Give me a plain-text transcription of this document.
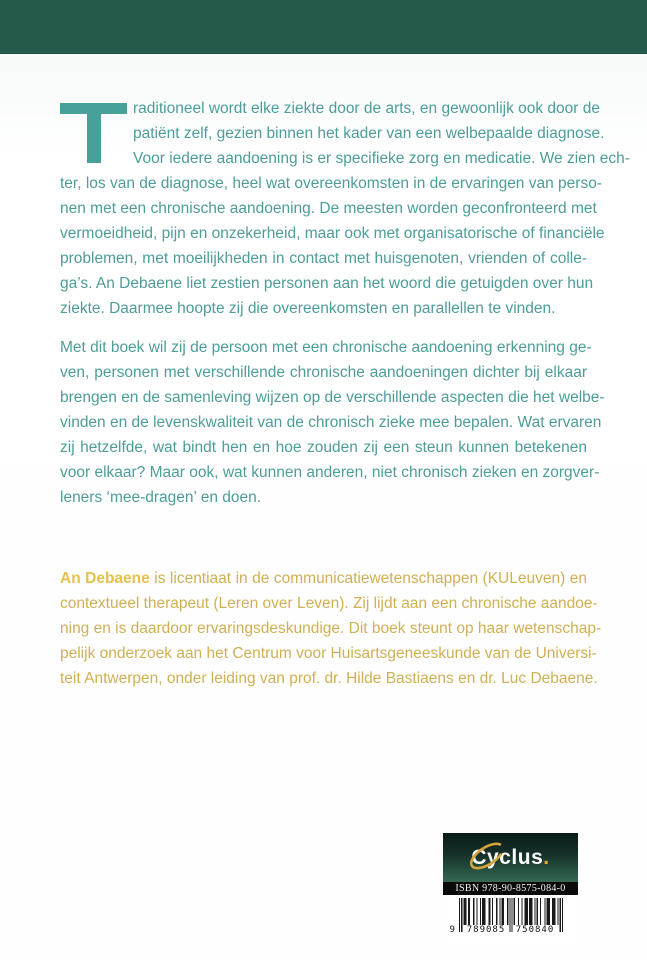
raditioneel wordt elke ziekte door de arts, en gewoonlijk ook door de
patiënt zelf, gezien binnen het kader van een welbepaalde diagnose.
Voor iedere aandoening is er specifieke zorg en medicatie. We zien ech-
ter, los van de diagnose, heel wat overeenkomsten in de ervaringen van perso-
nen met een chronische aandoening. De meesten worden geconfronteerd met
vermoeidheid, pijn en onzekerheid, maar ook met organisatorische of financiële
problemen, met moeilijkheden in contact met huisgenoten, vrienden of colle-
ga’s. An Debaene liet zestien personen aan het woord die getuigden over hun
ziekte. Daarmee hoopte zij die overeenkomsten en parallellen te vinden.
Met dit boek wil zij de persoon met een chronische aandoening erkenning ge-
ven, personen met verschillende chronische aandoeningen dichter bij elkaar
brengen en de samenleving wijzen op de verschillende aspecten die het welbe-
vinden en de levenskwaliteit van de chronisch zieke mee bepalen. Wat ervaren
zij hetzelfde, wat bindt hen en hoe zouden zij een steun kunnen betekenen
voor elkaar? Maar ook, wat kunnen anderen, niet chronisch zieken en zorgver-
leners ‘mee-dragen’ en doen.
An Debaene is licentiaat in de communicatiewetenschappen (KULeuven) en
contextueel therapeut (Leren over Leven). Zij lijdt aan een chronische aandoe-
ning en is daardoor ervaringsdeskundige. Dit boek steunt op haar wetenschap-
pelijk onderzoek aan het Centrum voor Huisartsgeneeskunde van de Universi-
teit Antwerpen, onder leiding van prof. dr. Hilde Bastiaens en dr. Luc Debaene.
Cyclus.
ISBN 978-90-8575-084-0
9 789085 750840
